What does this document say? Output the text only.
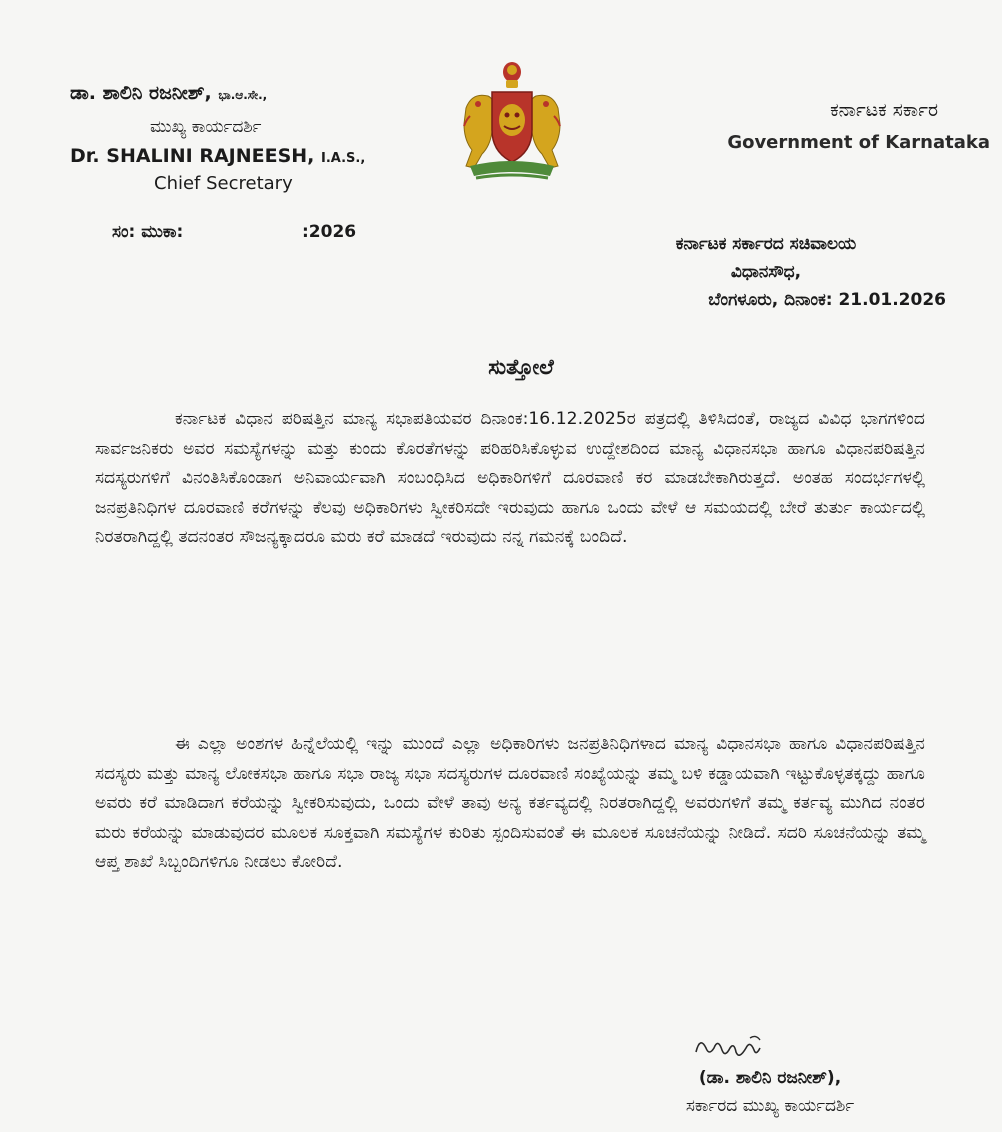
ಡಾ. ಶಾಲಿನಿ ರಜನೀಶ್, ಭಾ.ಆ.ಸೇ.,
ಮುಖ್ಯ ಕಾರ್ಯದರ್ಶಿ
Dr. SHALINI RAJNEESH, I.A.S.,
Chief Secretary
ಕರ್ನಾಟಕ ಸರ್ಕಾರ
Government of Karnataka
ಸಂ: ಮುಕಾ:	:2026
ಕರ್ನಾಟಕ ಸರ್ಕಾರದ ಸಚಿವಾಲಯ
ವಿಧಾನಸೌಧ,
ಬೆಂಗಳೂರು, ದಿನಾಂಕ: 21.01.2026
ಸುತ್ತೋಲೆ

ಕರ್ನಾಟಕ ವಿಧಾನ ಪರಿಷತ್ತಿನ ಮಾನ್ಯ ಸಭಾಪತಿಯವರ ದಿನಾಂಕ:16.12.2025ರ ಪತ್ರದಲ್ಲಿ ತಿಳಿಸಿದಂತೆ, ರಾಜ್ಯದ ವಿವಿಧ ಭಾಗಗಳಿಂದ ಸಾರ್ವಜನಿಕರು ಅವರ ಸಮಸ್ಯೆಗಳನ್ನು ಮತ್ತು ಕುಂದು ಕೊರತೆಗಳನ್ನು ಪರಿಹರಿಸಿಕೊಳ್ಳುವ ಉದ್ದೇಶದಿಂದ ಮಾನ್ಯ ವಿಧಾನಸಭಾ ಹಾಗೂ ವಿಧಾನಪರಿಷತ್ತಿನ ಸದಸ್ಯರುಗಳಿಗೆ ವಿನಂತಿಸಿಕೊಂಡಾಗ ಅನಿವಾರ್ಯವಾಗಿ ಸಂಬಂಧಿಸಿದ ಅಧಿಕಾರಿಗಳಿಗೆ ದೂರವಾಣಿ ಕರ ಮಾಡಬೇಕಾಗಿರುತ್ತದೆ. ಅಂತಹ ಸಂದರ್ಭಗಳಲ್ಲಿ ಜನಪ್ರತಿನಿಧಿಗಳ ದೂರವಾಣಿ ಕರೆಗಳನ್ನು ಕೆಲವು ಅಧಿಕಾರಿಗಳು ಸ್ವೀಕರಿಸದೇ ಇರುವುದು ಹಾಗೂ ಒಂದು ವೇಳೆ ಆ ಸಮಯದಲ್ಲಿ ಬೇರೆ ತುರ್ತು ಕಾರ್ಯದಲ್ಲಿ ನಿರತರಾಗಿದ್ದಲ್ಲಿ ತದನಂತರ ಸೌಜನ್ಯಕ್ಕಾದರೂ ಮರು ಕರೆ ಮಾಡದೆ ಇರುವುದು ನನ್ನ ಗಮನಕ್ಕೆ ಬಂದಿದೆ.

ಈ ಎಲ್ಲಾ ಅಂಶಗಳ ಹಿನ್ನೆಲೆಯಲ್ಲಿ ಇನ್ನು ಮುಂದೆ ಎಲ್ಲಾ ಅಧಿಕಾರಿಗಳು ಜನಪ್ರತಿನಿಧಿಗಳಾದ ಮಾನ್ಯ ವಿಧಾನಸಭಾ ಹಾಗೂ ವಿಧಾನಪರಿಷತ್ತಿನ ಸದಸ್ಯರು ಮತ್ತು ಮಾನ್ಯ ಲೋಕಸಭಾ ಹಾಗೂ ಸಭಾ ರಾಜ್ಯ ಸಭಾ ಸದಸ್ಯರುಗಳ ದೂರವಾಣಿ ಸಂಖ್ಯೆಯನ್ನು ತಮ್ಮ ಬಳಿ ಕಡ್ಡಾಯವಾಗಿ ಇಟ್ಟುಕೊಳ್ಳತಕ್ಕದ್ದು ಹಾಗೂ ಅವರು ಕರೆ ಮಾಡಿದಾಗ ಕರೆಯನ್ನು ಸ್ವೀಕರಿಸುವುದು, ಒಂದು ವೇಳೆ ತಾವು ಅನ್ಯ ಕರ್ತವ್ಯದಲ್ಲಿ ನಿರತರಾಗಿದ್ದಲ್ಲಿ ಅವರುಗಳಿಗೆ ತಮ್ಮ ಕರ್ತವ್ಯ ಮುಗಿದ ನಂತರ ಮರು ಕರೆಯನ್ನು ಮಾಡುವುದರ ಮೂಲಕ ಸೂಕ್ತವಾಗಿ ಸಮಸ್ಯೆಗಳ ಕುರಿತು ಸ್ಪಂದಿಸುವಂತೆ ಈ ಮೂಲಕ ಸೂಚನೆಯನ್ನು ನೀಡಿದೆ. ಸದರಿ ಸೂಚನೆಯನ್ನು ತಮ್ಮ ಆಪ್ತ ಶಾಖೆ ಸಿಬ್ಬಂದಿಗಳಿಗೂ ನೀಡಲು ಕೋರಿದೆ.

(ಡಾ. ಶಾಲಿನಿ ರಜನೀಶ್),
ಸರ್ಕಾರದ ಮುಖ್ಯ ಕಾರ್ಯದರ್ಶಿ
